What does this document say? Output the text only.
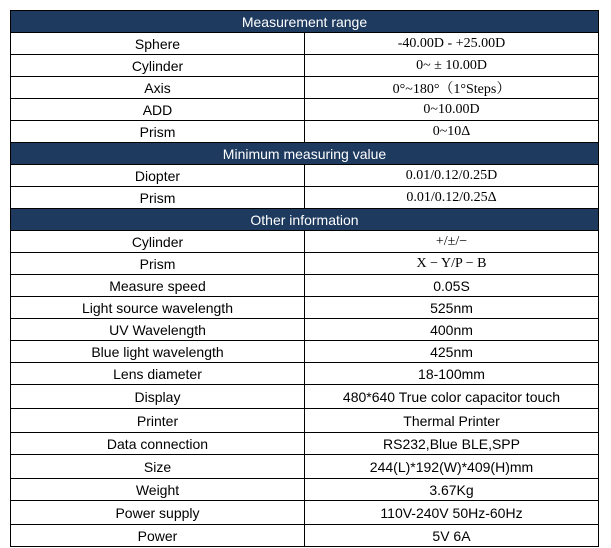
Measurement range	
Sphere	-40.00D - +25.00D
Cylinder	0~ ± 10.00D
Axis	0°~180°（1°Steps）
ADD	0~10.00D
Prism	0~10Δ
Minimum measuring value	
Diopter	0.01/0.12/0.25D
Prism	0.01/0.12/0.25Δ
Other information	
Cylinder	+/±/−
Prism	X − Y/P − B
Measure speed	0.05S
Light source wavelength	525nm
UV Wavelength	400nm
Blue light wavelength	425nm
Lens diameter	18-100mm
Display	480*640 True color capacitor touch
Printer	Thermal Printer
Data connection	RS232,Blue BLE,SPP
Size	244(L)*192(W)*409(H)mm
Weight	3.67Kg
Power supply	110V-240V 50Hz-60Hz
Power	5V 6A
